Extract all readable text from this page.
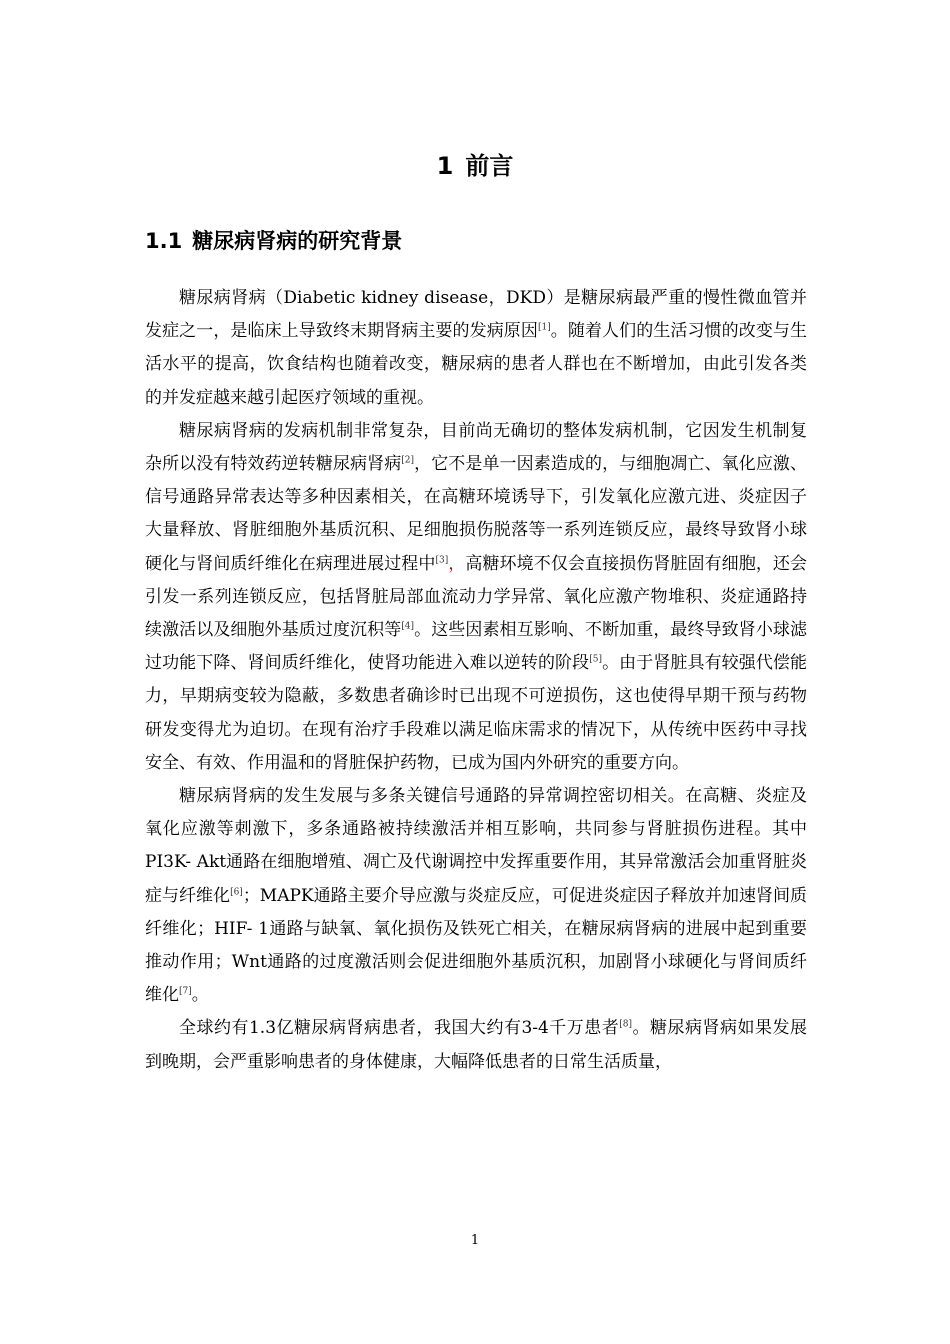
1 前言
1.1 糖尿病肾病的研究背景

糖尿病肾病（Diabetic kidney disease，DKD）是糖尿病最严重的慢性微血管并发症之一，是临床上导致终末期肾病主要的发病原因[1]。随着人们的生活习惯的改变与生活水平的提高，饮食结构也随着改变，糖尿病的患者人群也在不断增加，由此引发各类的并发症越来越引起医疗领域的重视。

糖尿病肾病的发病机制非常复杂，目前尚无确切的整体发病机制，它因发生机制复杂所以没有特效药逆转糖尿病肾病[2]，它不是单一因素造成的，与细胞凋亡、氧化应激、信号通路异常表达等多种因素相关，在高糖环境诱导下，引发氧化应激亢进、炎症因子大量释放、肾脏细胞外基质沉积、足细胞损伤脱落等一系列连锁反应，最终导致肾小球硬化与肾间质纤维化在病理进展过程中[3]，高糖环境不仅会直接损伤肾脏固有细胞，还会引发一系列连锁反应，包括肾脏局部血流动力学异常、氧化应激产物堆积、炎症通路持续激活以及细胞外基质过度沉积等[4]。这些因素相互影响、不断加重，最终导致肾小球滤过功能下降、肾间质纤维化，使肾功能进入难以逆转的阶段[5]。由于肾脏具有较强代偿能力，早期病变较为隐蔽，多数患者确诊时已出现不可逆损伤，这也使得早期干预与药物研发变得尤为迫切。在现有治疗手段难以满足临床需求的情况下，从传统中医药中寻找安全、有效、作用温和的肾脏保护药物，已成为国内外研究的重要方向。

糖尿病肾病的发生发展与多条关键信号通路的异常调控密切相关。在高糖、炎症及氧化应激等刺激下，多条通路被持续激活并相互影响，共同参与肾脏损伤进程。其中PI3K- Akt通路在细胞增殖、凋亡及代谢调控中发挥重要作用，其异常激活会加重肾脏炎症与纤维化[6]；MAPK通路主要介导应激与炎症反应，可促进炎症因子释放并加速肾间质纤维化；HIF- 1通路与缺氧、氧化损伤及铁死亡相关，在糖尿病肾病的进展中起到重要推动作用；Wnt通路的过度激活则会促进细胞外基质沉积，加剧肾小球硬化与肾间质纤维化[7]。

全球约有1.3亿糖尿病肾病患者，我国大约有3-4千万患者[8]。糖尿病肾病如果发展到晚期，会严重影响患者的身体健康，大幅降低患者的日常生活质量，

1
